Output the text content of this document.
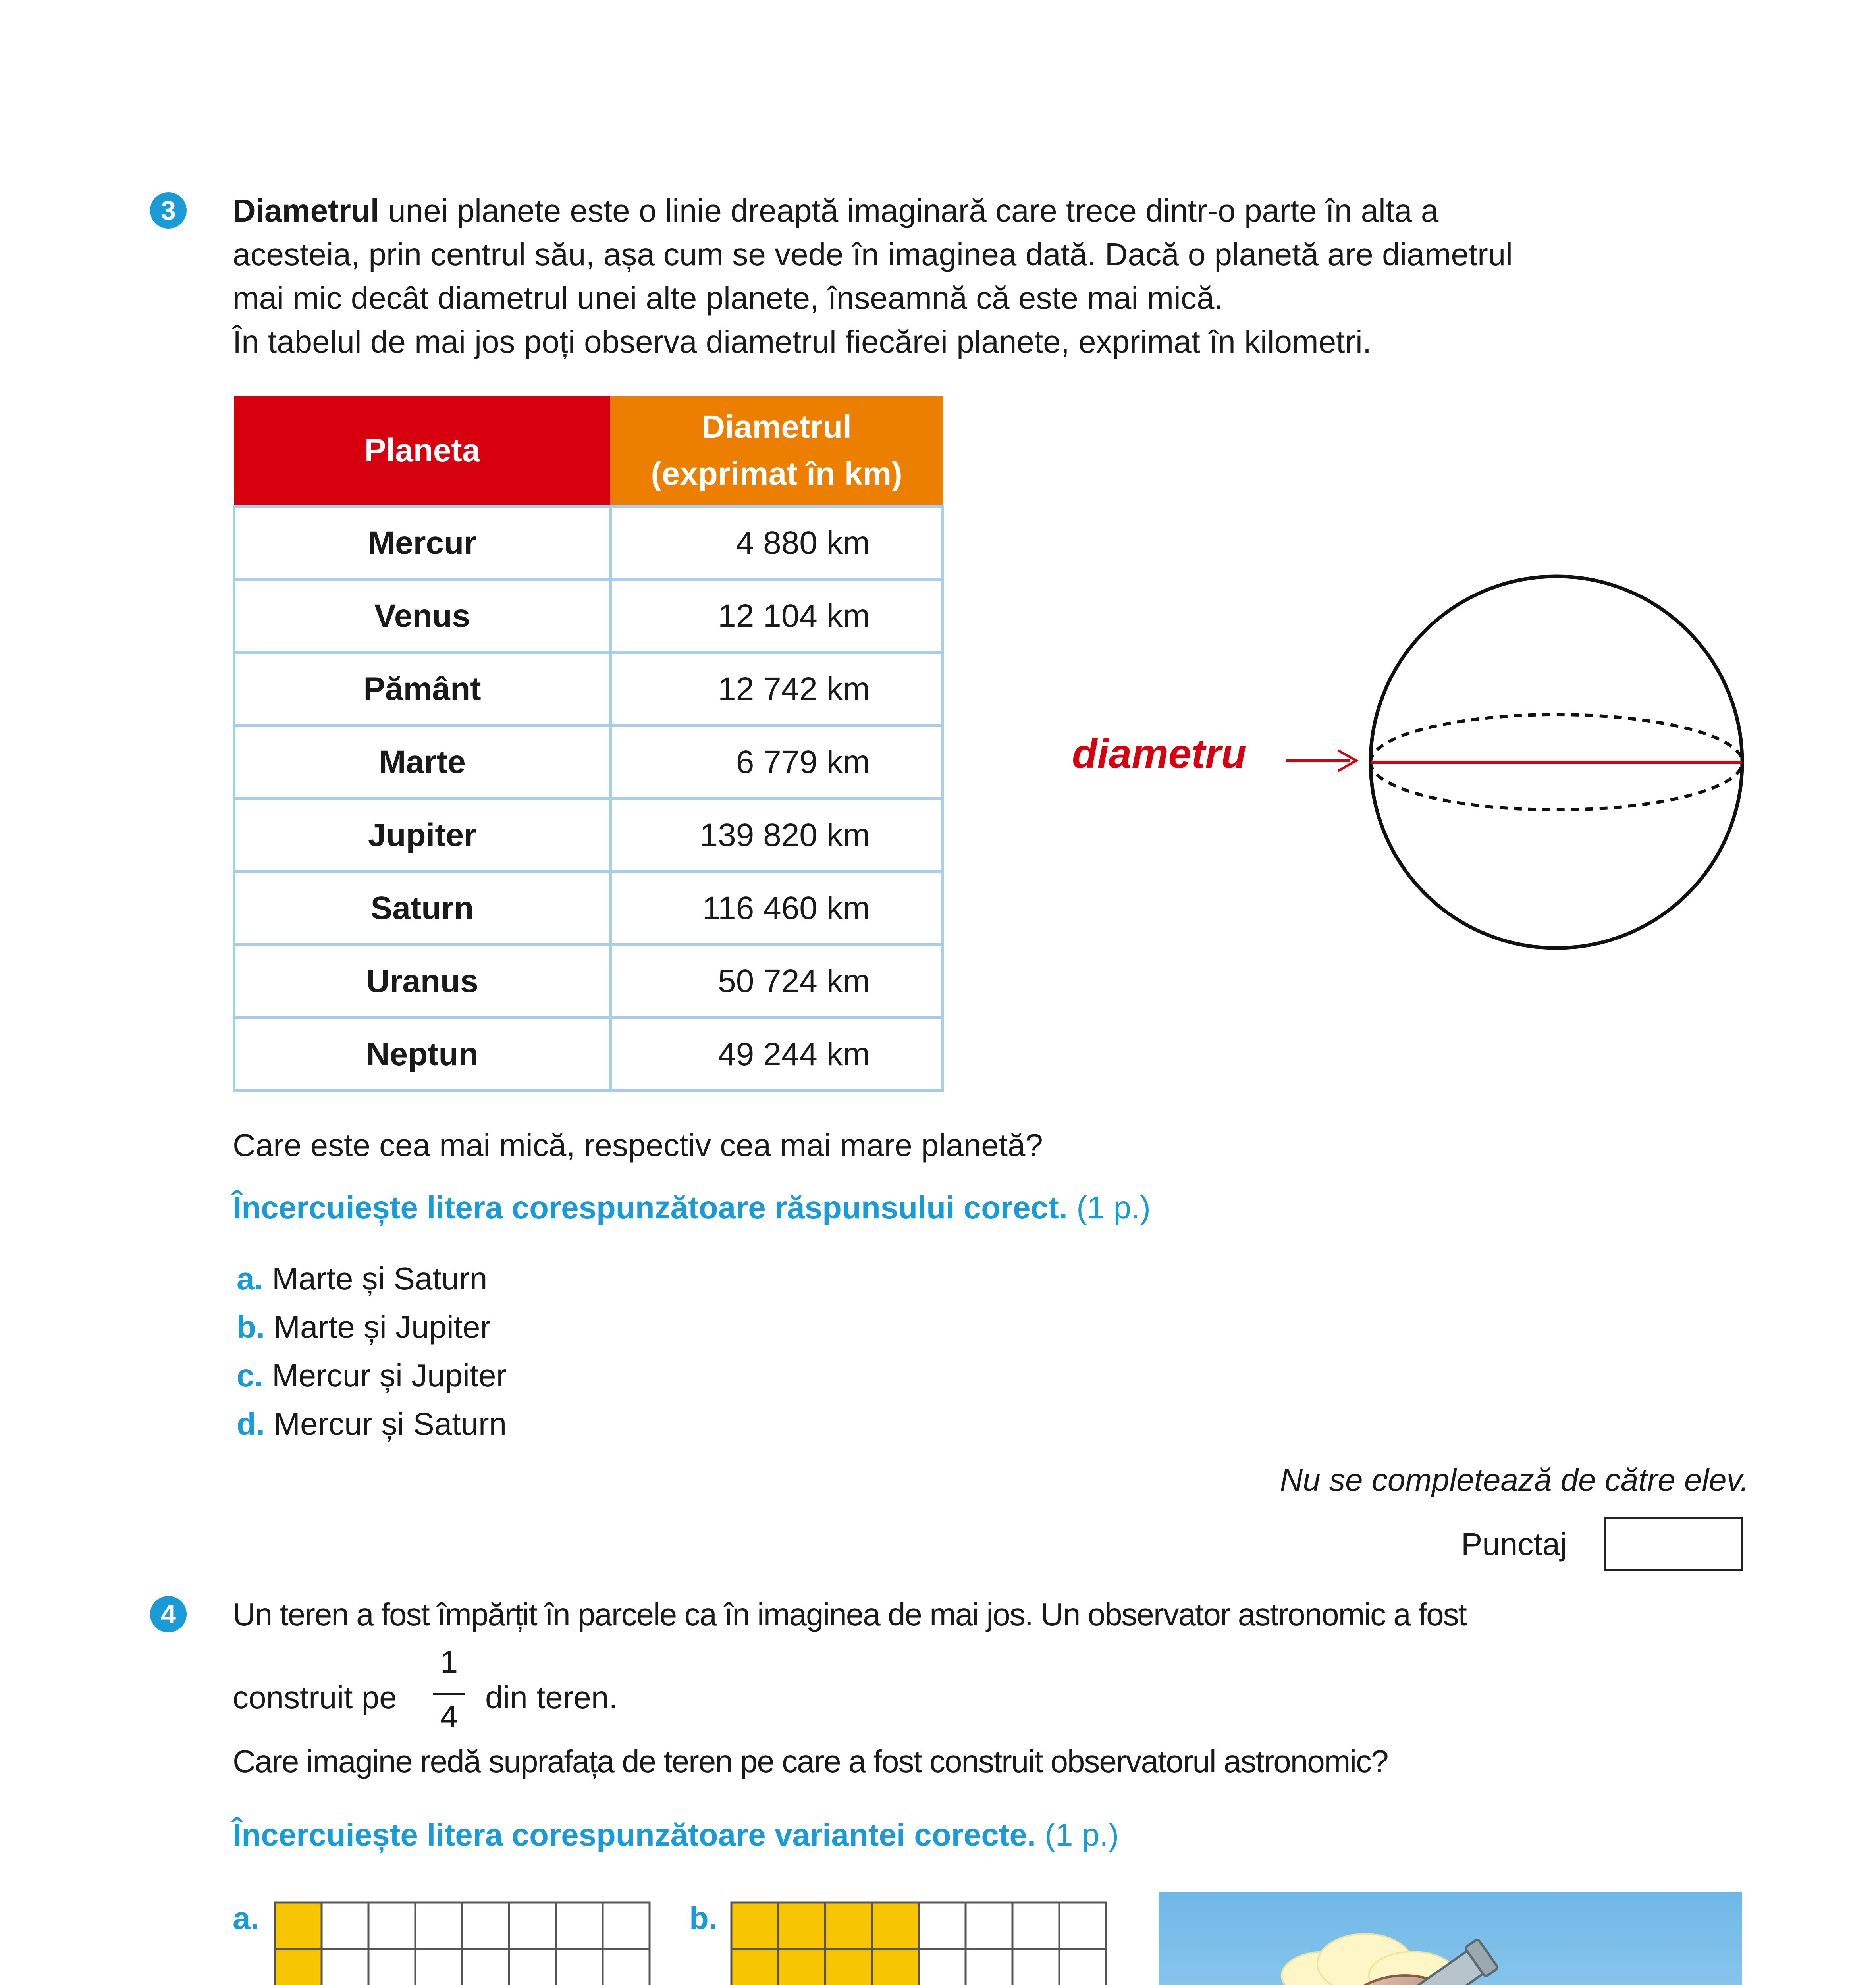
3	Diametrul unei planete este o linie dreaptă imaginară care trece dintr-o parte în alta a
acesteia, prin centrul său, așa cum se vede în imaginea dată. Dacă o planetă are diametrul
mai mic decât diametrul unei alte planete, înseamnă că este mai mică.
În tabelul de mai jos poți observa diametrul fiecărei planete, exprimat în kilometri.
Planeta	Diametrul
(exprimat în km)

Mercur	4 880 km
Venus	12 104 km
Pământ	12 742 km
Marte	6 779 km
Jupiter	139 820 km
Saturn	116 460 km
Uranus	50 724 km
Neptun	49 244 km
diametru
Care este cea mai mică, respectiv cea mai mare planetă?
Încercuiește litera corespunzătoare răspunsului corect. (1 p.)
a. Marte și Saturn
b. Marte și Jupiter
c. Mercur și Jupiter
d. Mercur și Saturn
Nu se completează de către elev.
Punctaj
4	Un teren a fost împărțit în parcele ca în imaginea de mai jos. Un observator astronomic a fost
construit pe
1
4
din teren.
Care imagine redă suprafața de teren pe care a fost construit observatorul astronomic?
Încercuiește litera corespunzătoare variantei corecte. (1 p.)
a.	b.
